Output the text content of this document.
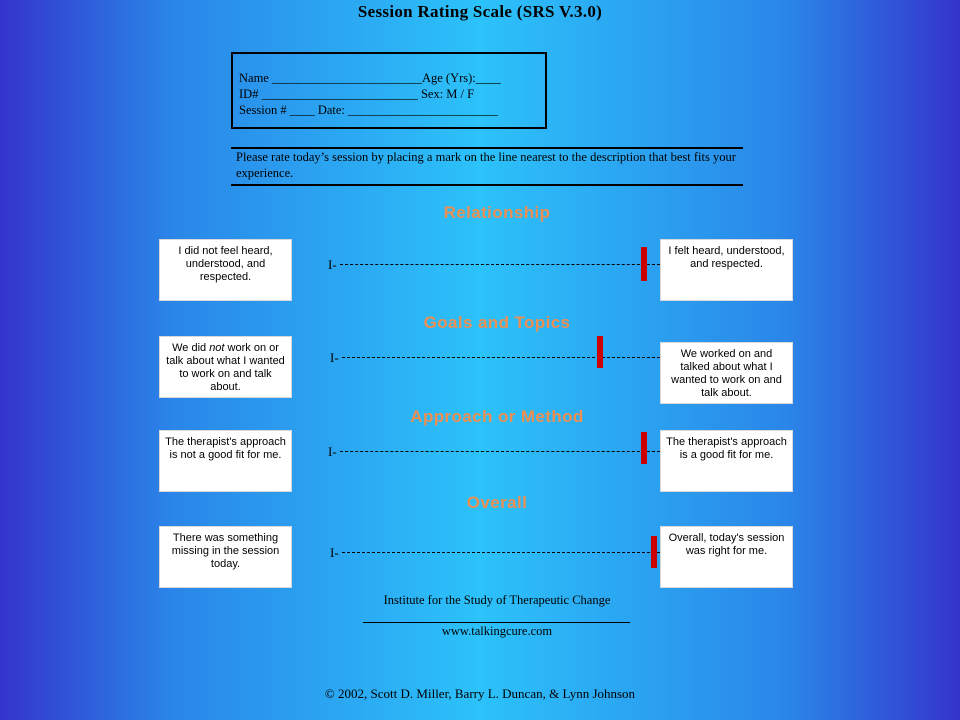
Session Rating Scale (SRS V.3.0)
Name ________________________Age (Yrs):____
ID# _________________________ Sex: M / F
Session # ____ Date: ________________________
Please rate today’s session by placing a mark on the line nearest to the description that best fits your experience.
Relationship
I did not feel heard, understood, and respected.
I felt heard, understood, and respected.
I-
Goals and Topics
We did not work on or talk about what I wanted to work on and talk about.
We worked on and talked about what I wanted to work on and talk about.
I-
Approach or Method
The therapist's approach is not a good fit for me.
The therapist's approach is a good fit for me.
I-
Overall
There was something missing in the session today.
Overall, today's session was right for me.
I-
Institute for the Study of Therapeutic Change
www.talkingcure.com
© 2002, Scott D. Miller, Barry L. Duncan, & Lynn Johnson
